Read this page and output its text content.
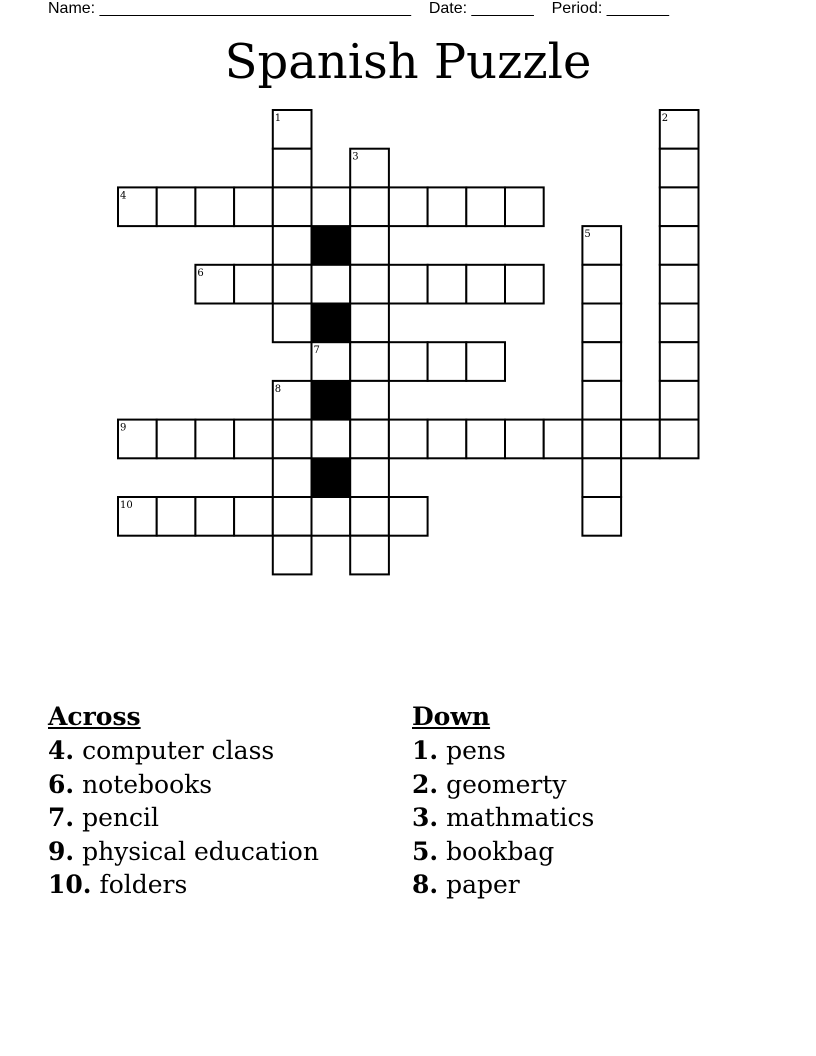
Name: ___________________________________ Date: _______ Period: _______
Spanish Puzzle
1	2
3
4
5
6
7
8
9
10
Across
4. computer class
6. notebooks
7. pencil
9. physical education
10. folders
Down
1. pens
2. geomerty
3. mathmatics
5. bookbag
8. paper
